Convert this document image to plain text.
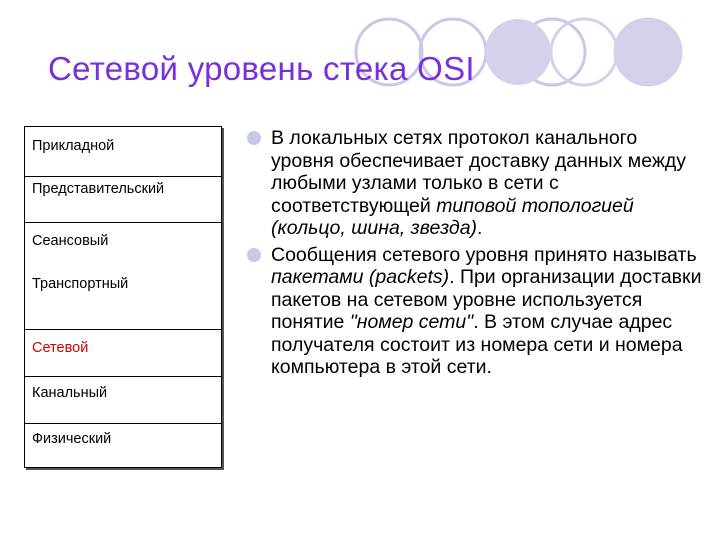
Сетевой уровень стека OSI
Прикладной
Представительский
Сеансовый
Транспортный
Сетевой
Канальный
Физический

В локальных сетях протокол канального уровня обеспечивает доставку данных между любыми узлами только в сети с соответствующей типовой топологией (кольцо, шина, звезда).

Сообщения сетевого уровня принято называть пакетами (packets). При организации доставки пакетов на сетевом уровне используется понятие "номер сети". В этом случае адрес получателя состоит из номера сети и номера компьютера в этой сети.
